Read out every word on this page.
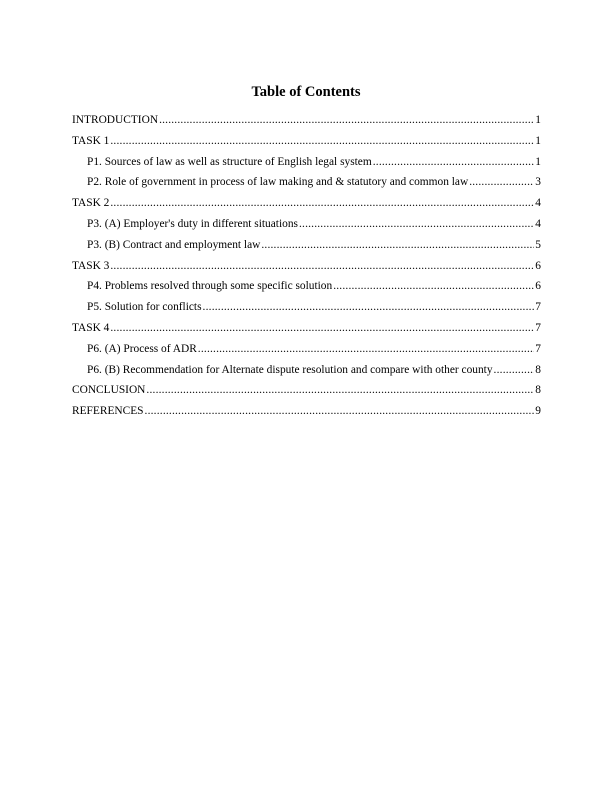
Table of Contents
INTRODUCTION .....	1
TASK 1 .....	1
P1. Sources of law as well as structure of English legal system .....	1
P2. Role of government in process of law making and & statutory and common law .....	3
TASK 2 .....	4
P3. (A) Employer's duty in different situations .....	4
P3. (B) Contract and employment law .....	5
TASK 3 .....	6
P4. Problems resolved through some specific solution .....	6
P5. Solution for conflicts .....	7
TASK 4 .....	7
P6. (A) Process of ADR .....	7
P6. (B) Recommendation for Alternate dispute resolution and compare with other county .....	8
CONCLUSION .....	8
REFERENCES .....	9
